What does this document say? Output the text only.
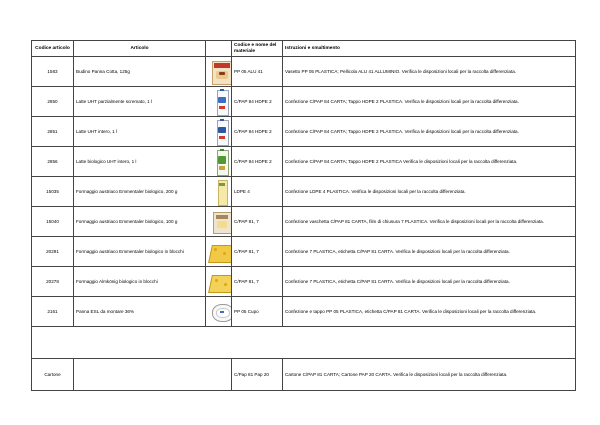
Codice articolo	Articolo		Codice e nome del materiale	Istruzioni e smaltimento
1583	Budino Panna Cotta, 125g		PP 05 ALU 41	Vasetto PP 05 PLASTICA; Pellicola ALU 41 ALLUMINIO. Verifica le disposizioni locali per la raccolta differenziata.
2850	Latte UHT parzialmente scremato, 1 l		C/PAP 84 HDPE 2	Confezione C/PAP 84 CARTA; Tappo HDPE 2 PLASTICA. Verifica le disposizioni locali per la raccolta differenziata.
2851	Latte UHT intero, 1 l		C/PAP 84 HDPE 2	Confezione C/PAP 84 CARTA; Tappo HDPE 2 PLASTICA. Verifica le disposizioni locali per la raccolta differenziata.
2856	Latte biologico UHT intero, 1 l		C/PAP 84 HDPE 2	Confezione C/PAP 84 CARTA; Tappo HDPE 2 PLASTICA Verifica le disposizioni locali per la raccolta differenziata.
15035	Formaggio austriaco Emmentaler biologico, 200 g		LDPE 4	Confezione LDPE 4 PLASTICA. Verifica le disposizioni locali per la raccolta differenziata.
15040	Formaggio austriaco Emmentaler biologico, 100 g		C/PAP 81, 7	Confezione vaschetta C/PAP 81 CARTA, film di chiusura 7 PLASTICA. Verifica le disposizioni locali per la raccolta differenziata.
20291	Formaggio austriaco Emmentaler biologico in blocchi		C/PAP 81, 7	Confezione 7 PLASTICA, etichetta C/PAP 81 CARTA. Verifica le disposizioni locali per la raccolta differenziata.
20278	Formaggio Almkönig biologico in blocchi		C/PAP 81, 7	Confezione 7 PLASTICA, etichetta C/PAP 81 CARTA. Verifica le disposizioni locali per la raccolta differenziata.
2161	Panna ESL da montare 36%		PP 05 Cupo	Confezione e tappo PP 05 PLASTICA, etichetta C/PAP 81 CARTA. Verifica le disposizioni locali per la raccolta differenziata.

Cartone			C/Pap 81 Pap 20	Cartone C/PAP 81 CARTA; Cartone PAP 20 CARTA. Verifica le disposizioni locali per la raccolta differenziata.
